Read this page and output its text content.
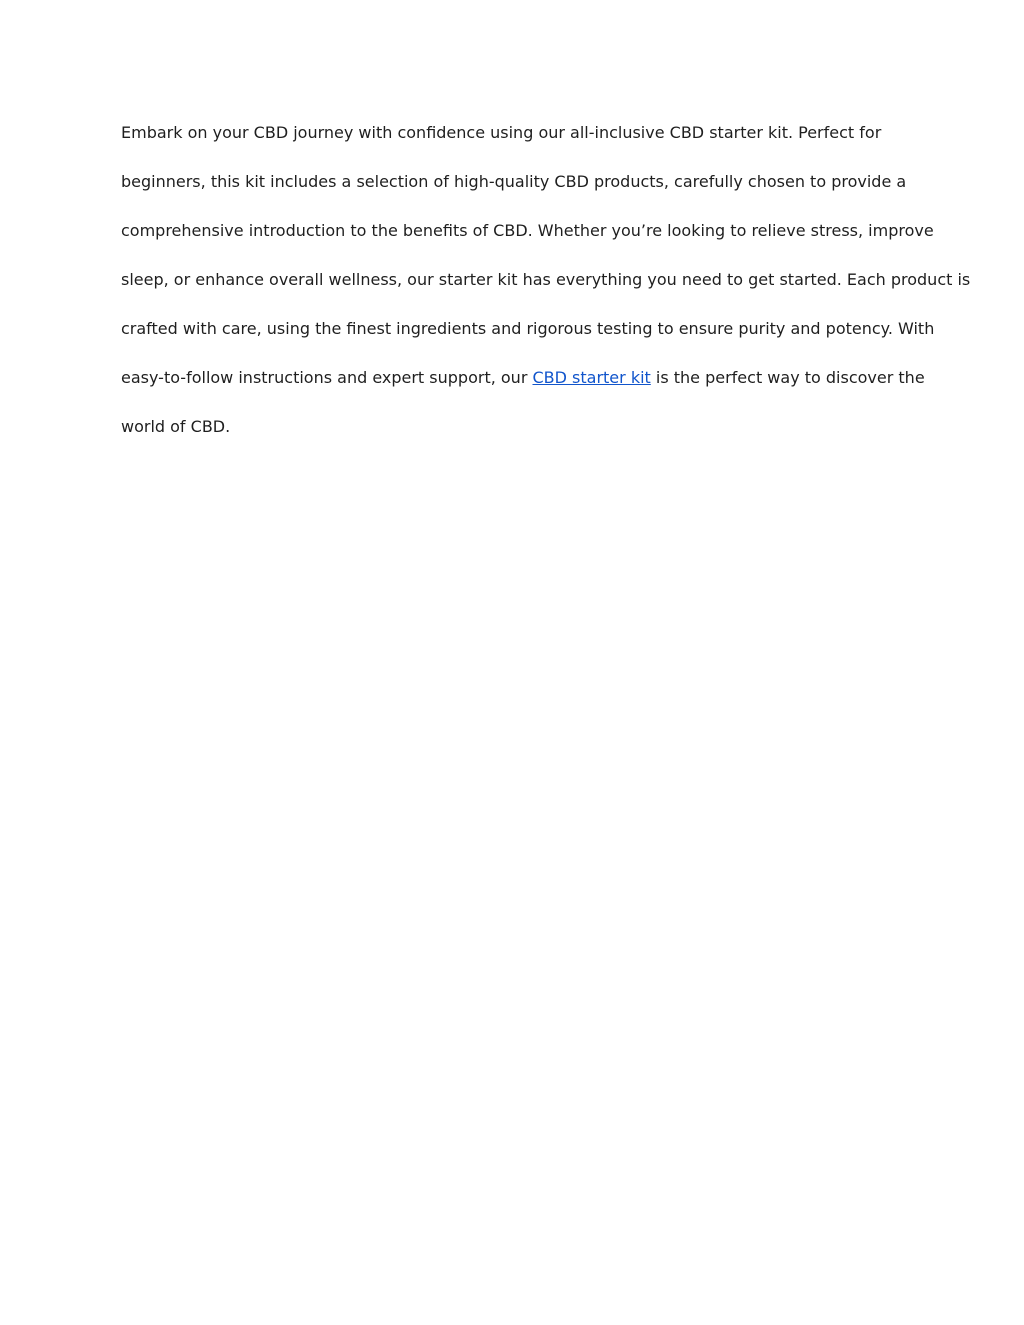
Embark on your CBD journey with confidence using our all-inclusive CBD starter kit. Perfect for
beginners, this kit includes a selection of high-quality CBD products, carefully chosen to provide a
comprehensive introduction to the benefits of CBD. Whether you’re looking to relieve stress, improve
sleep, or enhance overall wellness, our starter kit has everything you need to get started. Each product is
crafted with care, using the finest ingredients and rigorous testing to ensure purity and potency. With
easy-to-follow instructions and expert support, our CBD starter kit is the perfect way to discover the
world of CBD.
